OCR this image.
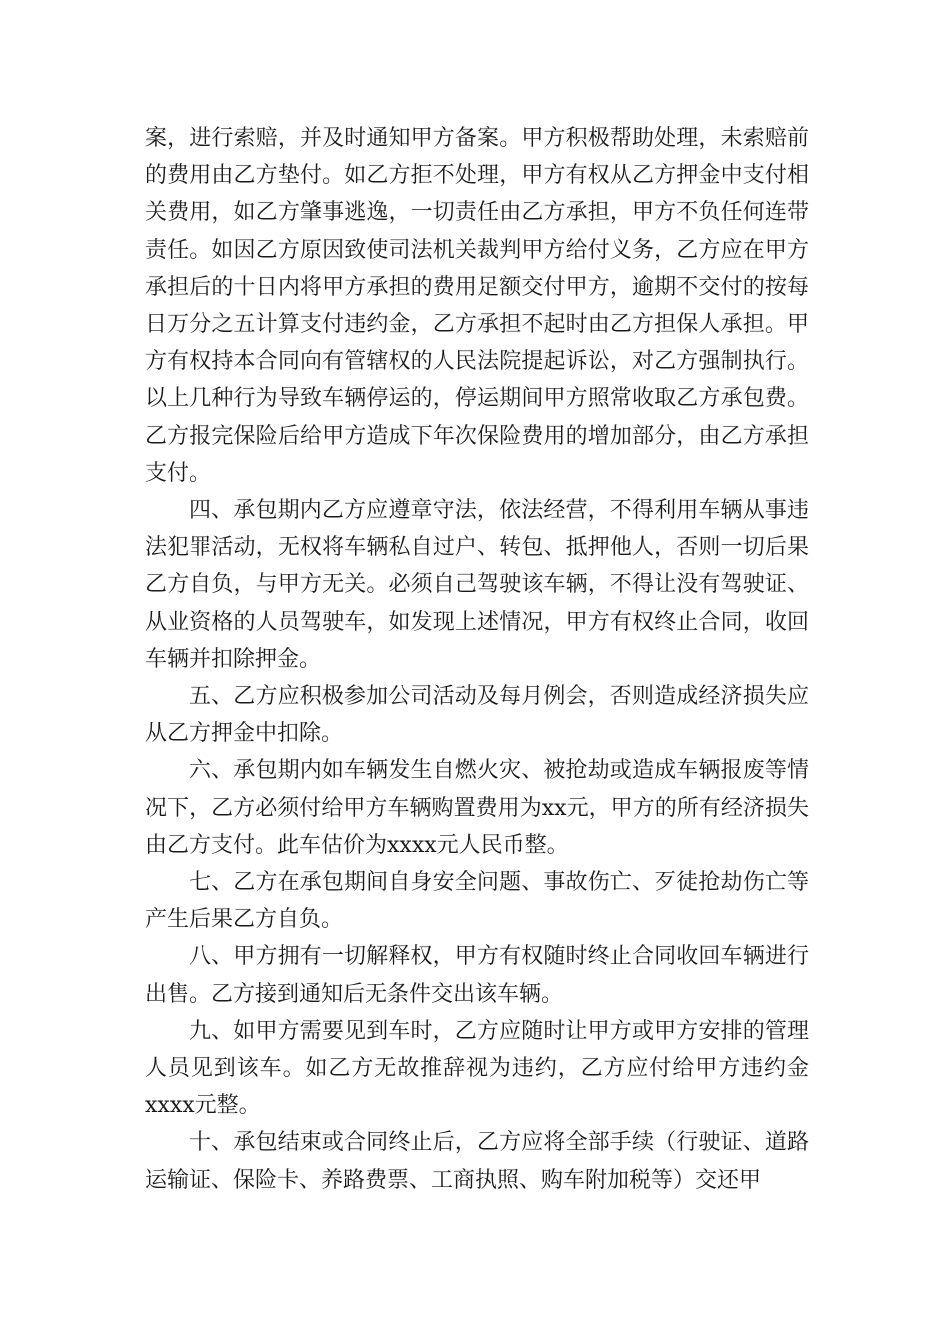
案，进行索赔，并及时通知甲方备案。甲方积极帮助处理，未索赔前的费用由乙方垫付。如乙方拒不处理，甲方有权从乙方押金中支付相关费用，如乙方肇事逃逸，一切责任由乙方承担，甲方不负任何连带责任。如因乙方原因致使司法机关裁判甲方给付义务，乙方应在甲方承担后的十日内将甲方承担的费用足额交付甲方，逾期不交付的按每日万分之五计算支付违约金，乙方承担不起时由乙方担保人承担。甲方有权持本合同向有管辖权的人民法院提起诉讼，对乙方强制执行。以上几种行为导致车辆停运的，停运期间甲方照常收取乙方承包费。乙方报完保险后给甲方造成下年次保险费用的增加部分，由乙方承担支付。

四、承包期内乙方应遵章守法，依法经营，不得利用车辆从事违法犯罪活动，无权将车辆私自过户、转包、抵押他人，否则一切后果乙方自负，与甲方无关。必须自己驾驶该车辆，不得让没有驾驶证、从业资格的人员驾驶车，如发现上述情况，甲方有权终止合同，收回车辆并扣除押金。

五、乙方应积极参加公司活动及每月例会，否则造成经济损失应从乙方押金中扣除。

六、承包期内如车辆发生自燃火灾、被抢劫或造成车辆报废等情况下，乙方必须付给甲方车辆购置费用为xx元，甲方的所有经济损失由乙方支付。此车估价为xxxx元人民币整。

七、乙方在承包期间自身安全问题、事故伤亡、歹徒抢劫伤亡等产生后果乙方自负。

八、甲方拥有一切解释权，甲方有权随时终止合同收回车辆进行出售。乙方接到通知后无条件交出该车辆。

九、如甲方需要见到车时，乙方应随时让甲方或甲方安排的管理人员见到该车。如乙方无故推辞视为违约，乙方应付给甲方违约金xxxx元整。

十、承包结束或合同终止后，乙方应将全部手续（行驶证、道路运输证、保险卡、养路费票、工商执照、购车附加税等）交还甲
